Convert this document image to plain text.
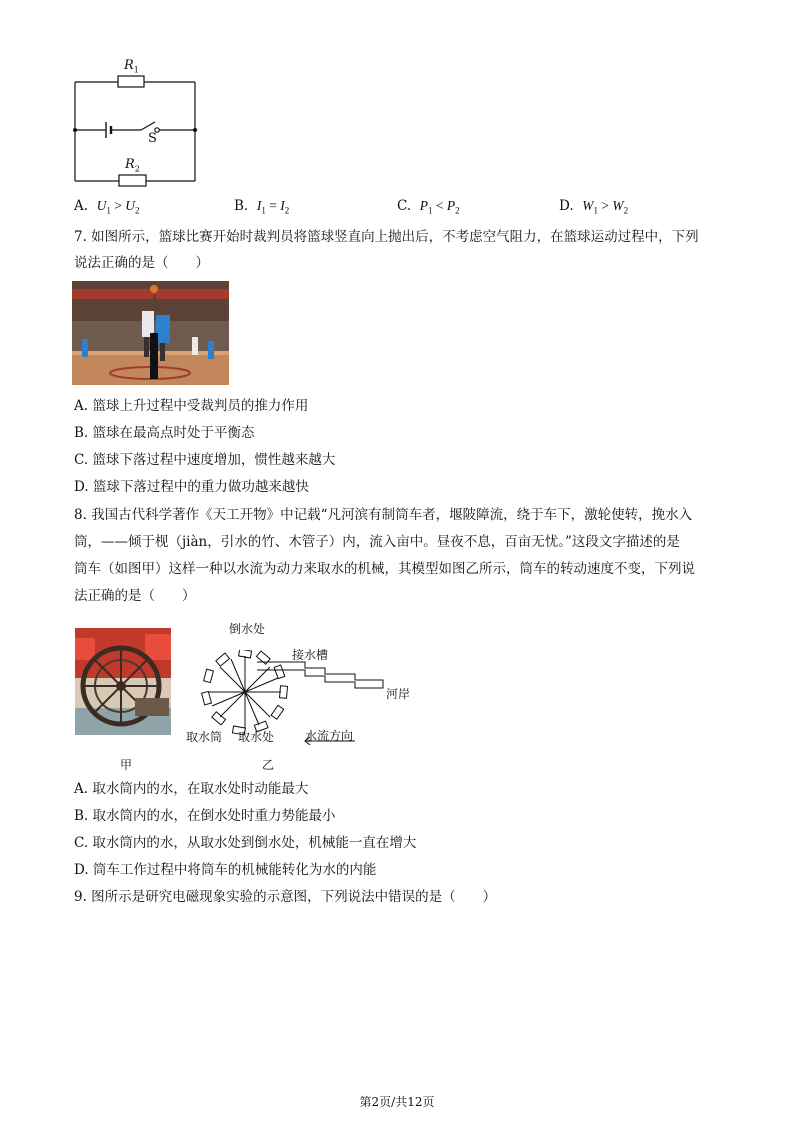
$R_1$
$R_2$
S
A. $U_1 > U_2$	B. $I_1 = I_2$	C. $P_1 < P_2$	D. $W_1 > W_2$
7. 如图所示，篮球比赛开始时裁判员将篮球竖直向上抛出后，不考虑空气阻力，在篮球运动过程中，下列
说法正确的是（　　）
A. 篮球上升过程中受裁判员的推力作用
B. 篮球在最高点时处于平衡态
C. 篮球下落过程中速度增加，惯性越来越大
D. 篮球下落过程中的重力做功越来越快
8. 我国古代科学著作《天工开物》中记载“凡河滨有制筒车者，堰陂障流，绕于车下，激轮使转，挽水入
筒，——倾于枧（jiàn，引水的竹、木管子）内，流入亩中。昼夜不息，百亩无忧。”这段文字描述的是
筒车（如图甲）这样一种以水流为动力来取水的机械，其模型如图乙所示，筒车的转动速度不变，下列说
法正确的是（　　）
倒水处
接水槽
河岸
取水筒 取水处	水流方向
甲	乙
A. 取水筒内的水，在取水处时动能最大
B. 取水筒内的水，在倒水处时重力势能最小
C. 取水筒内的水，从取水处到倒水处，机械能一直在增大
D. 筒车工作过程中将筒车的机械能转化为水的内能
9. 图所示是研究电磁现象实验的示意图，下列说法中错误的是（　　）
第2页/共12页
